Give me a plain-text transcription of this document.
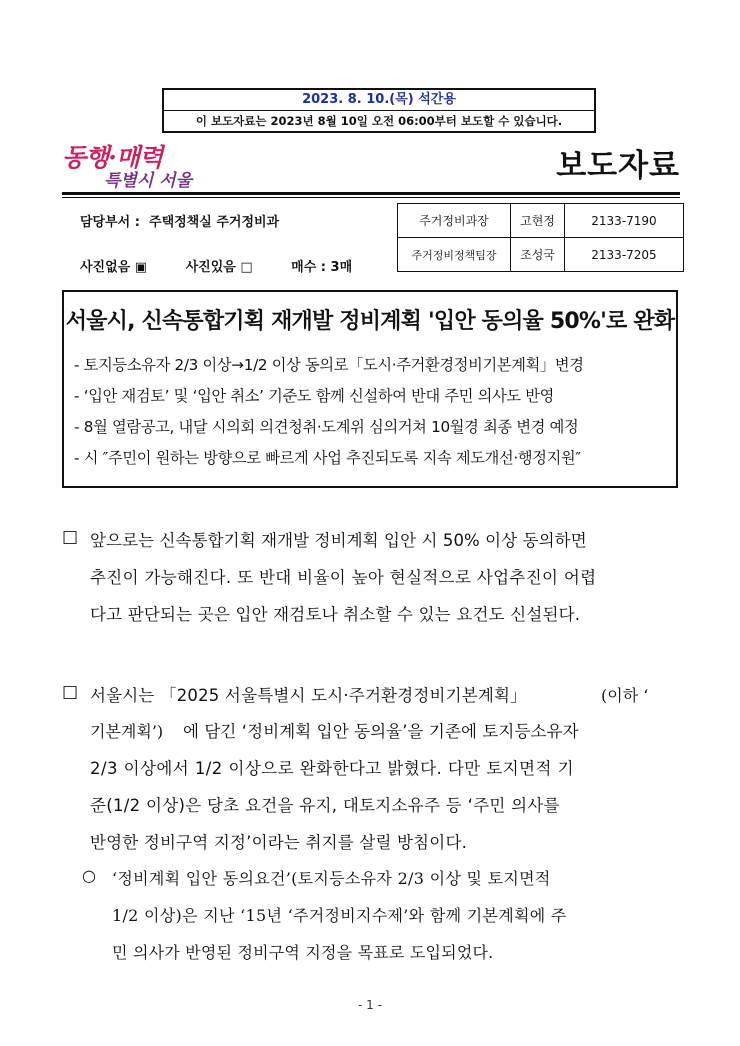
2023. 8. 10.(목) 석간용
이 보도자료는 2023년 8월 10일 오전 06:00부터 보도할 수 있습니다.
동행·매력
특별시 서울	보도자료
담당부서 :  주택정책실 주거정비과
사진없음 ▣	사진있음 □	매수 : 3매
주거정비과장	고현정	2133-7190
주거정비정책팀장	조성국	2133-7205
서울시, 신속통합기획 재개발 정비계획 '입안 동의율 50%'로 완화
- 토지등소유자 2/3 이상→1/2 이상 동의로「도시·주거환경정비기본계획」변경
- ‘입안 재검토’ 및 ‘입안 취소’ 기준도 함께 신설하여 반대 주민 의사도 반영
- 8월 열람공고, 내달 시의회 의견청취·도계위 심의거쳐 10월경 최종 변경 예정
- 시 ″주민이 원하는 방향으로 빠르게 사업 추진되도록 지속 제도개선·행정지원″
□ 앞으로는 신속통합기획 재개발 정비계획 입안 시 50% 이상 동의하면
추진이 가능해진다. 또 반대 비율이 높아 현실적으로 사업추진이 어렵
다고 판단되는 곳은 입안 재검토나 취소할 수 있는 요건도 신설된다.
□ 서울시는 「2025 서울특별시 도시·주거환경정비기본계획」	(이하 ‘
기본계획’) 에 담긴 ‘정비계획 입안 동의율’을 기존에 토지등소유자
2/3 이상에서 1/2 이상으로 완화한다고 밝혔다. 다만 토지면적 기
준(1/2 이상)은 당초 요건을 유지, 대토지소유주 등 ‘주민 의사를
반영한 정비구역 지정’이라는 취지를 살릴 방침이다.
○ ‘정비계획 입안 동의요건’(토지등소유자 2/3 이상 및 토지면적
1/2 이상)은 지난 ‘15년 ‘주거정비지수제’와 함께 기본계획에 주
민 의사가 반영된 정비구역 지정을 목표로 도입되었다.
- 1 -
